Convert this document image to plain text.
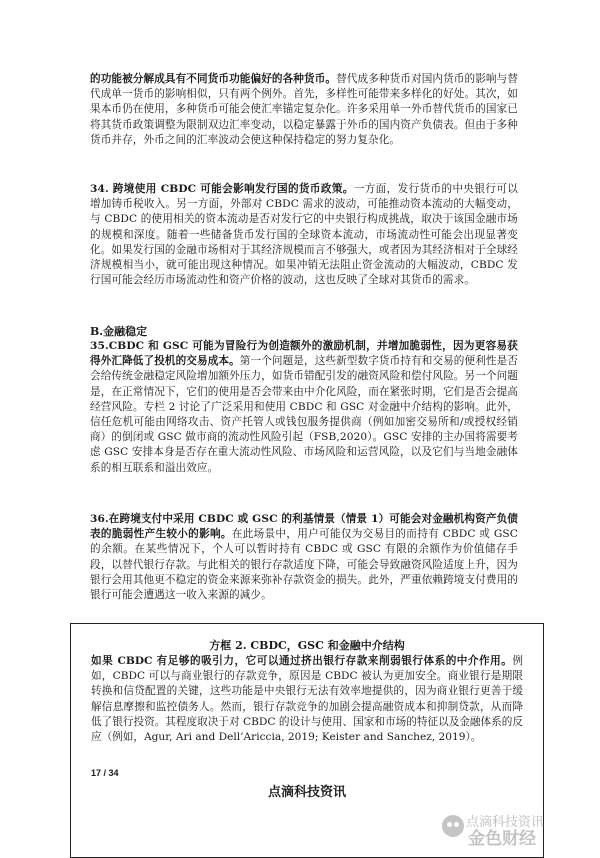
的功能被分解成具有不同货币功能偏好的各种货币。替代成多种货币对国内货币的影响与替代成单一货币的影响相似，只有两个例外。首先，多样性可能带来多样化的好处。其次，如果本币仍在使用，多种货币可能会使汇率锚定复杂化。许多采用单一外币替代货币的国家已将其货币政策调整为限制双边汇率变动，以稳定暴露于外币的国内资产负债表。但由于多种货币并存，外币之间的汇率波动会使这种保持稳定的努力复杂化。

34. 跨境使用 CBDC 可能会影响发行国的货币政策。一方面，发行货币的中央银行可以增加铸币税收入。另一方面，外部对 CBDC 需求的波动，可能推动资本流动的大幅变动，与 CBDC 的使用相关的资本流动是否对发行它的中央银行构成挑战，取决于该国金融市场的规模和深度。随着一些储备货币发行国的全球资本流动，市场流动性可能会出现显著变化。如果发行国的金融市场相对于其经济规模而言不够强大，或者因为其经济相对于全球经济规模相当小，就可能出现这种情况。如果冲销无法阻止资金流动的大幅波动，CBDC 发行国可能会经历市场流动性和资产价格的波动，这也反映了全球对其货币的需求。

B.金融稳定

35.CBDC 和 GSC 可能为冒险行为创造额外的激励机制，并增加脆弱性，因为更容易获得外汇降低了投机的交易成本。第一个问题是，这些新型数字货币持有和交易的便利性是否会给传统金融稳定风险增加额外压力，如货币错配引发的融资风险和偿付风险。另一个问题是，在正常情况下，它们的使用是否会带来由中介化风险，而在紧张时期，它们是否会提高经营风险。专栏 2 讨论了广泛采用和使用 CBDC 和 GSC 对金融中介结构的影响。此外，信任危机可能由网络攻击、资产托管人或钱包服务提供商（例如加密交易所和/或授权经销商）的倒闭或 GSC 做市商的流动性风险引起（FSB,2020）。GSC 安排的主办国将需要考虑 GSC 安排本身是否存在重大流动性风险、市场风险和运营风险，以及它们与当地金融体系的相互联系和溢出效应。

36.在跨境支付中采用 CBDC 或 GSC 的利基情景（情景 1）可能会对金融机构资产负债表的脆弱性产生较小的影响。在此场景中，用户可能仅为交易目的而持有 CBDC 或 GSC 的余额。在某些情况下，个人可以暂时持有 CBDC 或 GSC 有限的余额作为价值储存手段，以替代银行存款。与此相关的银行存款适度下降，可能会导致融资风险适度上升，因为银行会用其他更不稳定的资金来源来弥补存款资金的损失。此外，严重依赖跨境支付费用的银行可能会遭遇这一收入来源的减少。

方框 2. CBDC，GSC 和金融中介结构

如果 CBDC 有足够的吸引力，它可以通过挤出银行存款来削弱银行体系的中介作用。例如，CBDC 可以与商业银行的存款竞争，原因是 CBDC 被认为更加安全。商业银行是期限转换和信贷配置的关键，这些功能是中央银行无法有效率地提供的，因为商业银行更善于缓解信息摩擦和监控债务人。然而，银行存款竞争的加剧会提高融资成本和抑制贷款，从而降低了银行投资。其程度取决于对 CBDC 的设计与使用、国家和市场的特征以及金融体系的反应（例如，Agur, Ari and Dell’Ariccia, 2019; Keister and Sanchez, 2019）。

17 / 34
点滴科技资讯
点滴科技资讯
金色财经
